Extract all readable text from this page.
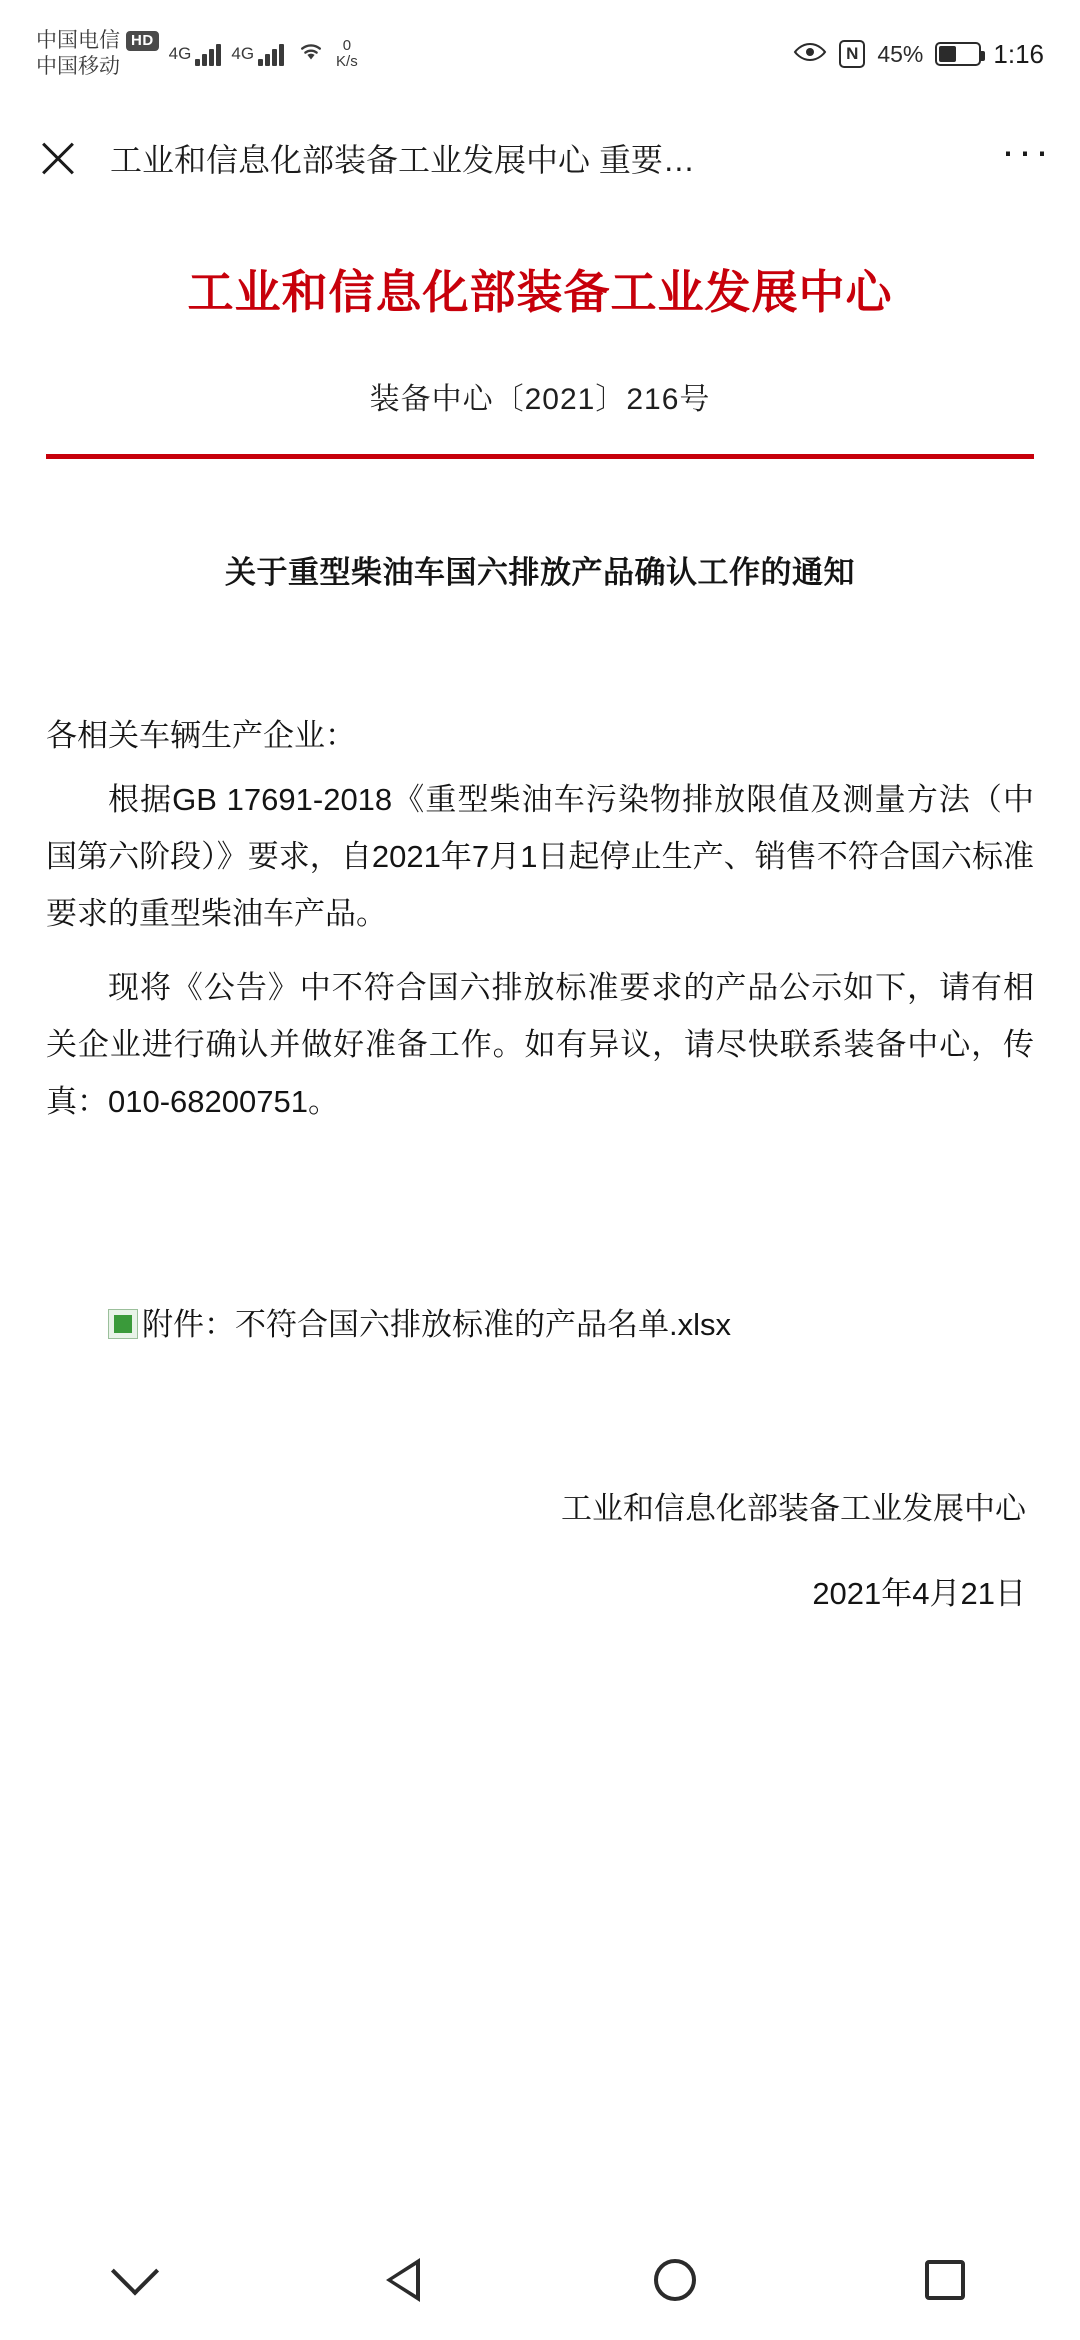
中国电信 HD
中国移动
4G 4G	0
K/s	N 45%	1:16
工业和信息化部装备工业发展中心 重要…	···
工业和信息化部装备工业发展中心
装备中心〔2021〕216号
关于重型柴油车国六排放产品确认工作的通知
各相关车辆生产企业：

根据GB 17691-2018《重型柴油车污染物排放限值及测量方法（中国第六阶段）》要求，自2021年7月1日起停止生产、销售不符合国六标准要求的重型柴油车产品。

现将《公告》中不符合国六排放标准要求的产品公示如下，请有相关企业进行确认并做好准备工作。如有异议，请尽快联系装备中心，传真：010-68200751。

附件：不符合国六排放标准的产品名单.xlsx
工业和信息化部装备工业发展中心
2021年4月21日
